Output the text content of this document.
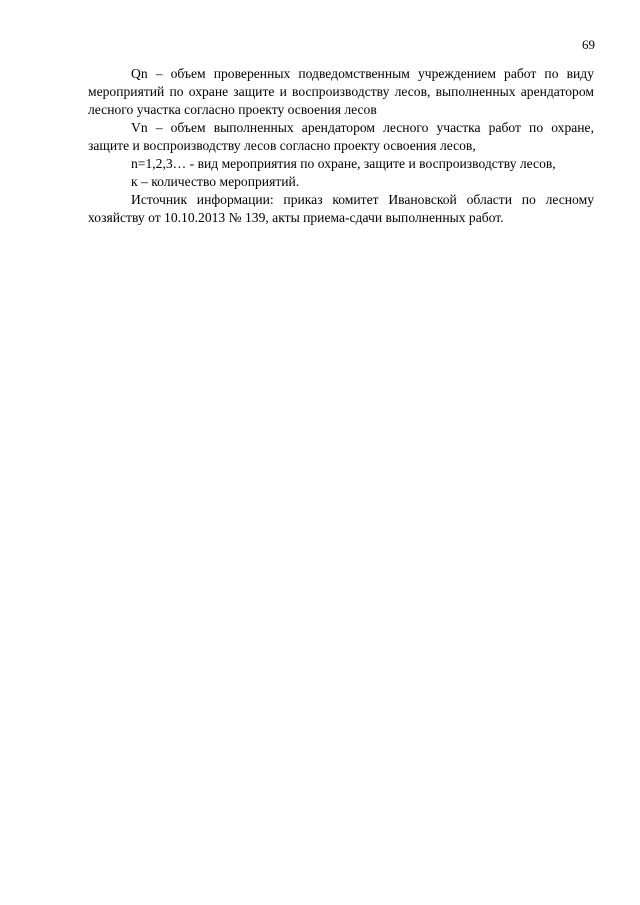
69

Qn – объем проверенных подведомственным учреждением работ по виду мероприятий по охране защите и воспроизводству лесов, выполненных арендатором лесного участка согласно проекту освоения лесов

Vn – объем выполненных арендатором лесного участка работ по охране, защите и воспроизводству лесов согласно проекту освоения лесов,

n=1,2,3… - вид мероприятия по охране, защите и воспроизводству лесов,

к – количество мероприятий.

Источник информации: приказ комитет Ивановской области по лесному хозяйству от 10.10.2013 № 139, акты приема-сдачи выполненных работ.
